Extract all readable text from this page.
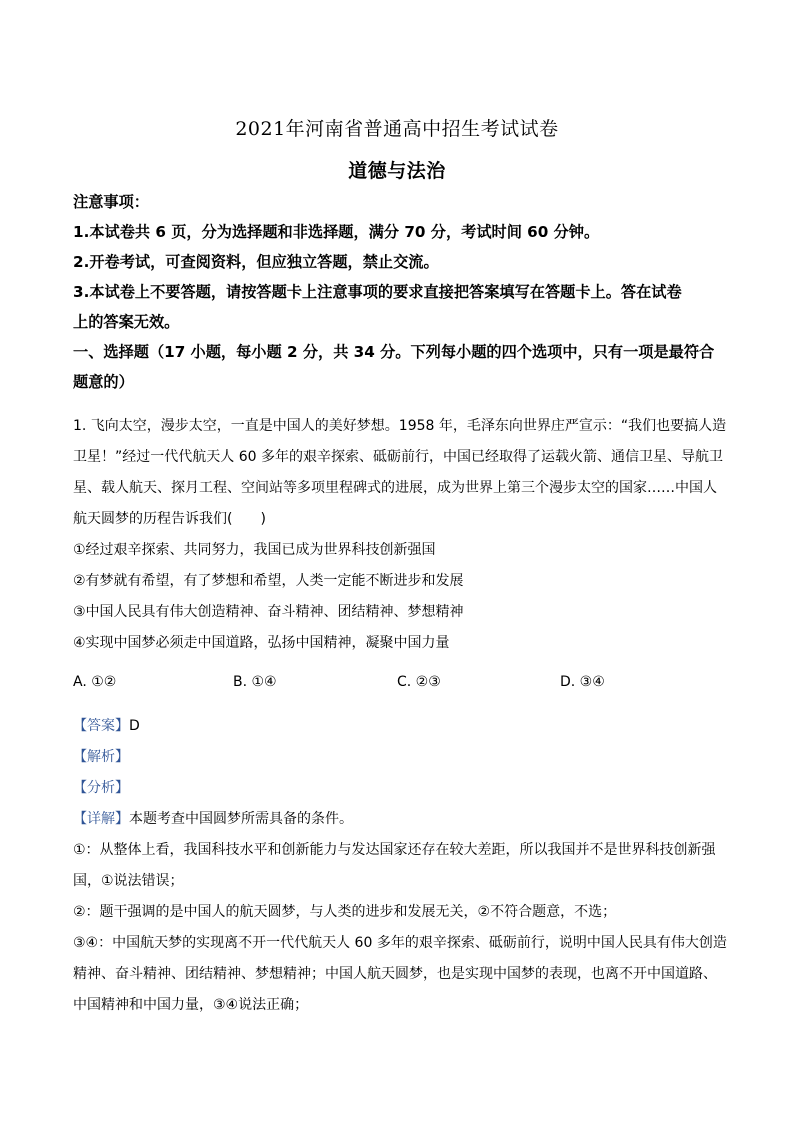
2021年河南省普通高中招生考试试卷
道德与法治
注意事项：
1.本试卷共 6 页，分为选择题和非选择题，满分 70 分，考试时间 60 分钟。
2.开卷考试，可查阅资料，但应独立答题，禁止交流。
3.本试卷上不要答题，请按答题卡上注意事项的要求直接把答案填写在答题卡上。答在试卷
上的答案无效。
一、选择题（17 小题，每小题 2 分，共 34 分。下列每小题的四个选项中，只有一项是最符合
题意的）
1. 飞向太空，漫步太空，一直是中国人的美好梦想。1958 年，毛泽东向世界庄严宣示：“我们也要搞人造
卫星！”经过一代代航天人 60 多年的艰辛探索、砥砺前行，中国已经取得了运载火箭、通信卫星、导航卫
星、载人航天、探月工程、空间站等多项里程碑式的进展，成为世界上第三个漫步太空的国家……中国人
航天圆梦的历程告诉我们(　　)
①经过艰辛探索、共同努力，我国已成为世界科技创新强国
②有梦就有希望，有了梦想和希望，人类一定能不断进步和发展
③中国人民具有伟大创造精神、奋斗精神、团结精神、梦想精神
④实现中国梦必须走中国道路，弘扬中国精神，凝聚中国力量
A. ①②	B. ①④	C. ②③	D. ③④
【答案】D
【解析】
【分析】
【详解】本题考查中国圆梦所需具备的条件。
①：从整体上看，我国科技水平和创新能力与发达国家还存在较大差距，所以我国并不是世界科技创新强
国，①说法错误；
②：题干强调的是中国人的航天圆梦，与人类的进步和发展无关，②不符合题意，不选；
③④：中国航天梦的实现离不开一代代航天人 60 多年的艰辛探索、砥砺前行，说明中国人民具有伟大创造
精神、奋斗精神、团结精神、梦想精神；中国人航天圆梦，也是实现中国梦的表现，也离不开中国道路、
中国精神和中国力量，③④说法正确；
